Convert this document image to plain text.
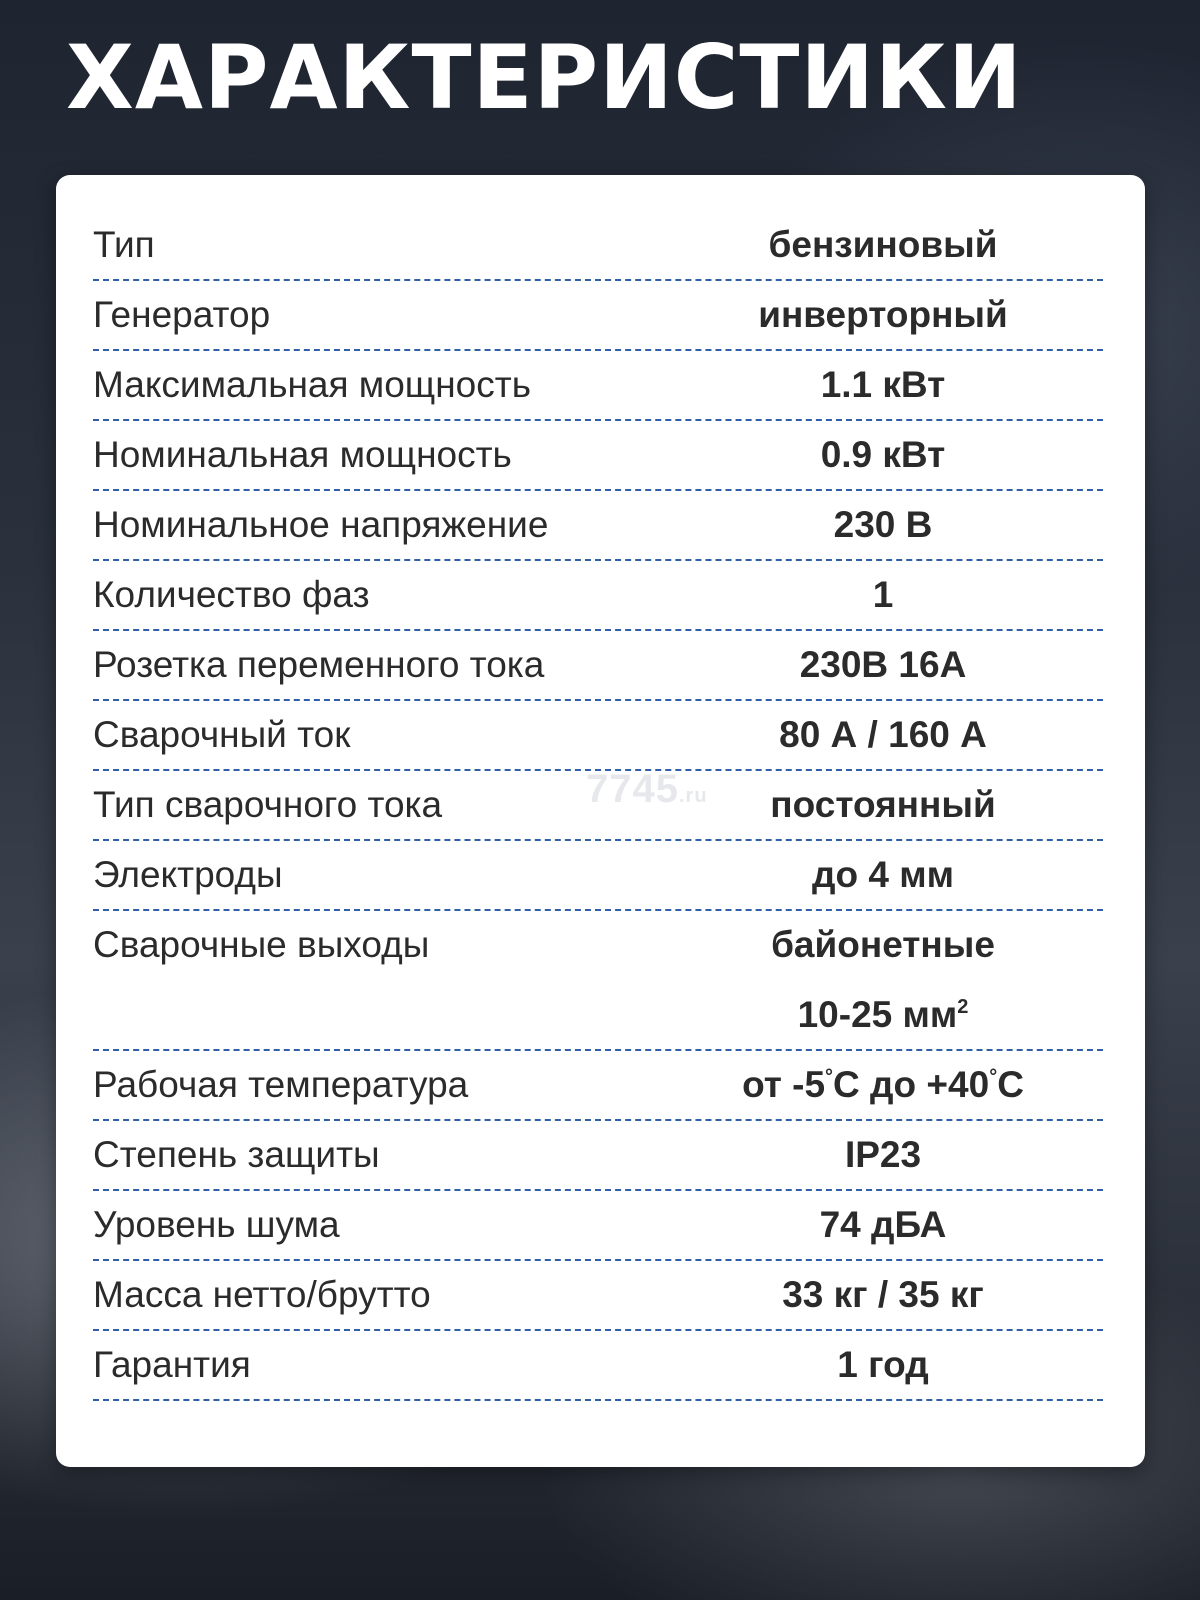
ХАРАКТЕРИСТИКИ
Тип	бензиновый
Генератор	инверторный
Максимальная мощность	1.1 кВт
Номинальная мощность	0.9 кВт
Номинальное напряжение	230 В
Количество фаз	1
Розетка переменного тока	230В 16А
Сварочный ток	80 А / 160 А
Тип сварочного тока	постоянный
Электроды	до 4 мм
Сварочные выходы	байонетные
10-25 $мм^2$
Рабочая температура	от -5°C до +40°C
Степень защиты	IP23
Уровень шума	74 дБА
Масса нетто/брутто	33 кг / 35 кг
Гарантия	1 год
7745.ru
